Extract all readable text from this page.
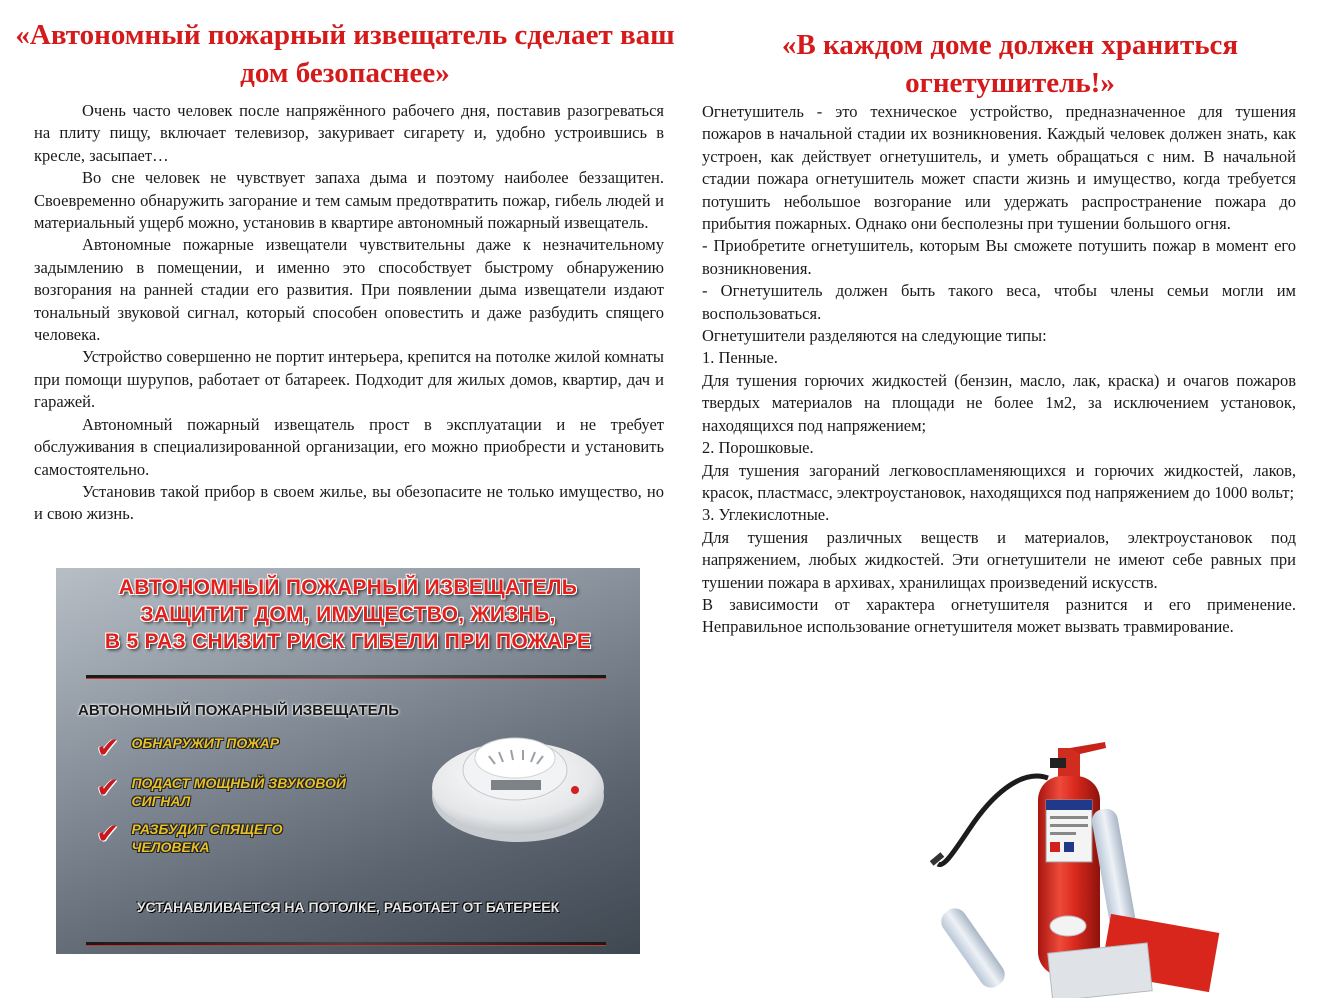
«Автономный пожарный извещатель сделает ваш дом безопаснее»

Очень часто человек после напряжённого рабочего дня, поставив разогреваться на плиту пищу, включает телевизор, закуривает сигарету и, удобно устроившись в кресле, засыпает…

Во сне человек не чувствует запаха дыма и поэтому наиболее беззащитен. Своевременно обнаружить загорание и тем самым предотвратить пожар, гибель людей и материальный ущерб можно, установив в квартире автономный пожарный извещатель.

Автономные пожарные извещатели чувствительны даже к незначительному задымлению в помещении, и именно это способствует быстрому обнаружению возгорания на ранней стадии его развития. При появлении дыма извещатели издают тональный звуковой сигнал, который способен оповестить и даже разбудить спящего человека.

Устройство совершенно не портит интерьера, крепится на потолке жилой комнаты при помощи шурупов, работает от батареек. Подходит для жилых домов, квартир, дач и гаражей.

Автономный пожарный извещатель прост в эксплуатации и не требует обслуживания в специализированной организации, его можно приобрести и установить самостоятельно.

Установив такой прибор в своем жилье, вы обезопасите не только имущество, но и свою жизнь.

АВТОНОМНЫЙ ПОЖАРНЫЙ ИЗВЕЩАТЕЛЬ
ЗАЩИТИТ ДОМ, ИМУЩЕСТВО, ЖИЗНЬ,
В 5 РАЗ СНИЗИТ РИСК ГИБЕЛИ ПРИ ПОЖАРЕ
АВТОНОМНЫЙ ПОЖАРНЫЙ ИЗВЕЩАТЕЛЬ
✔ ОБНАРУЖИТ ПОЖАР
✔ ПОДАСТ МОЩНЫЙ ЗВУКОВОЙ СИГНАЛ
✔ РАЗБУДИТ СПЯЩЕГО ЧЕЛОВЕКА
УСТАНАВЛИВАЕТСЯ НА ПОТОЛКЕ, РАБОТАЕТ ОТ БАТЕРЕЕК
«В каждом доме должен храниться огнетушитель!»

Огнетушитель - это техническое устройство, предназначенное для тушения пожаров в начальной стадии их возникновения. Каждый человек должен знать, как устроен, как действует огнетушитель, и уметь обращаться с ним. В начальной стадии пожара огнетушитель может спасти жизнь и имущество, когда требуется потушить небольшое возгорание или удержать распространение пожара до прибытия пожарных. Однако они бесполезны при тушении большого огня.

- Приобретите огнетушитель, которым Вы сможете потушить пожар в момент его возникновения.

- Огнетушитель должен быть такого веса, чтобы члены семьи могли им воспользоваться.

Огнетушители разделяются на следующие типы:

1. Пенные.

Для тушения горючих жидкостей (бензин, масло, лак, краска) и очагов пожаров твердых материалов на площади не более 1м2, за исключением установок, находящихся под напряжением;

2. Порошковые.

Для тушения загораний легковоспламеняющихся и горючих жидкостей, лаков, красок, пластмасс, электроустановок, находящихся под напряжением до 1000 вольт;

3. Углекислотные.

Для тушения различных веществ и материалов, электроустановок под напряжением, любых жидкостей. Эти огнетушители не имеют себе равных при тушении пожара в архивах, хранилищах произведений искусств.

В зависимости от характера огнетушителя разнится и его применение. Неправильное использование огнетушителя может вызвать травмирование.
